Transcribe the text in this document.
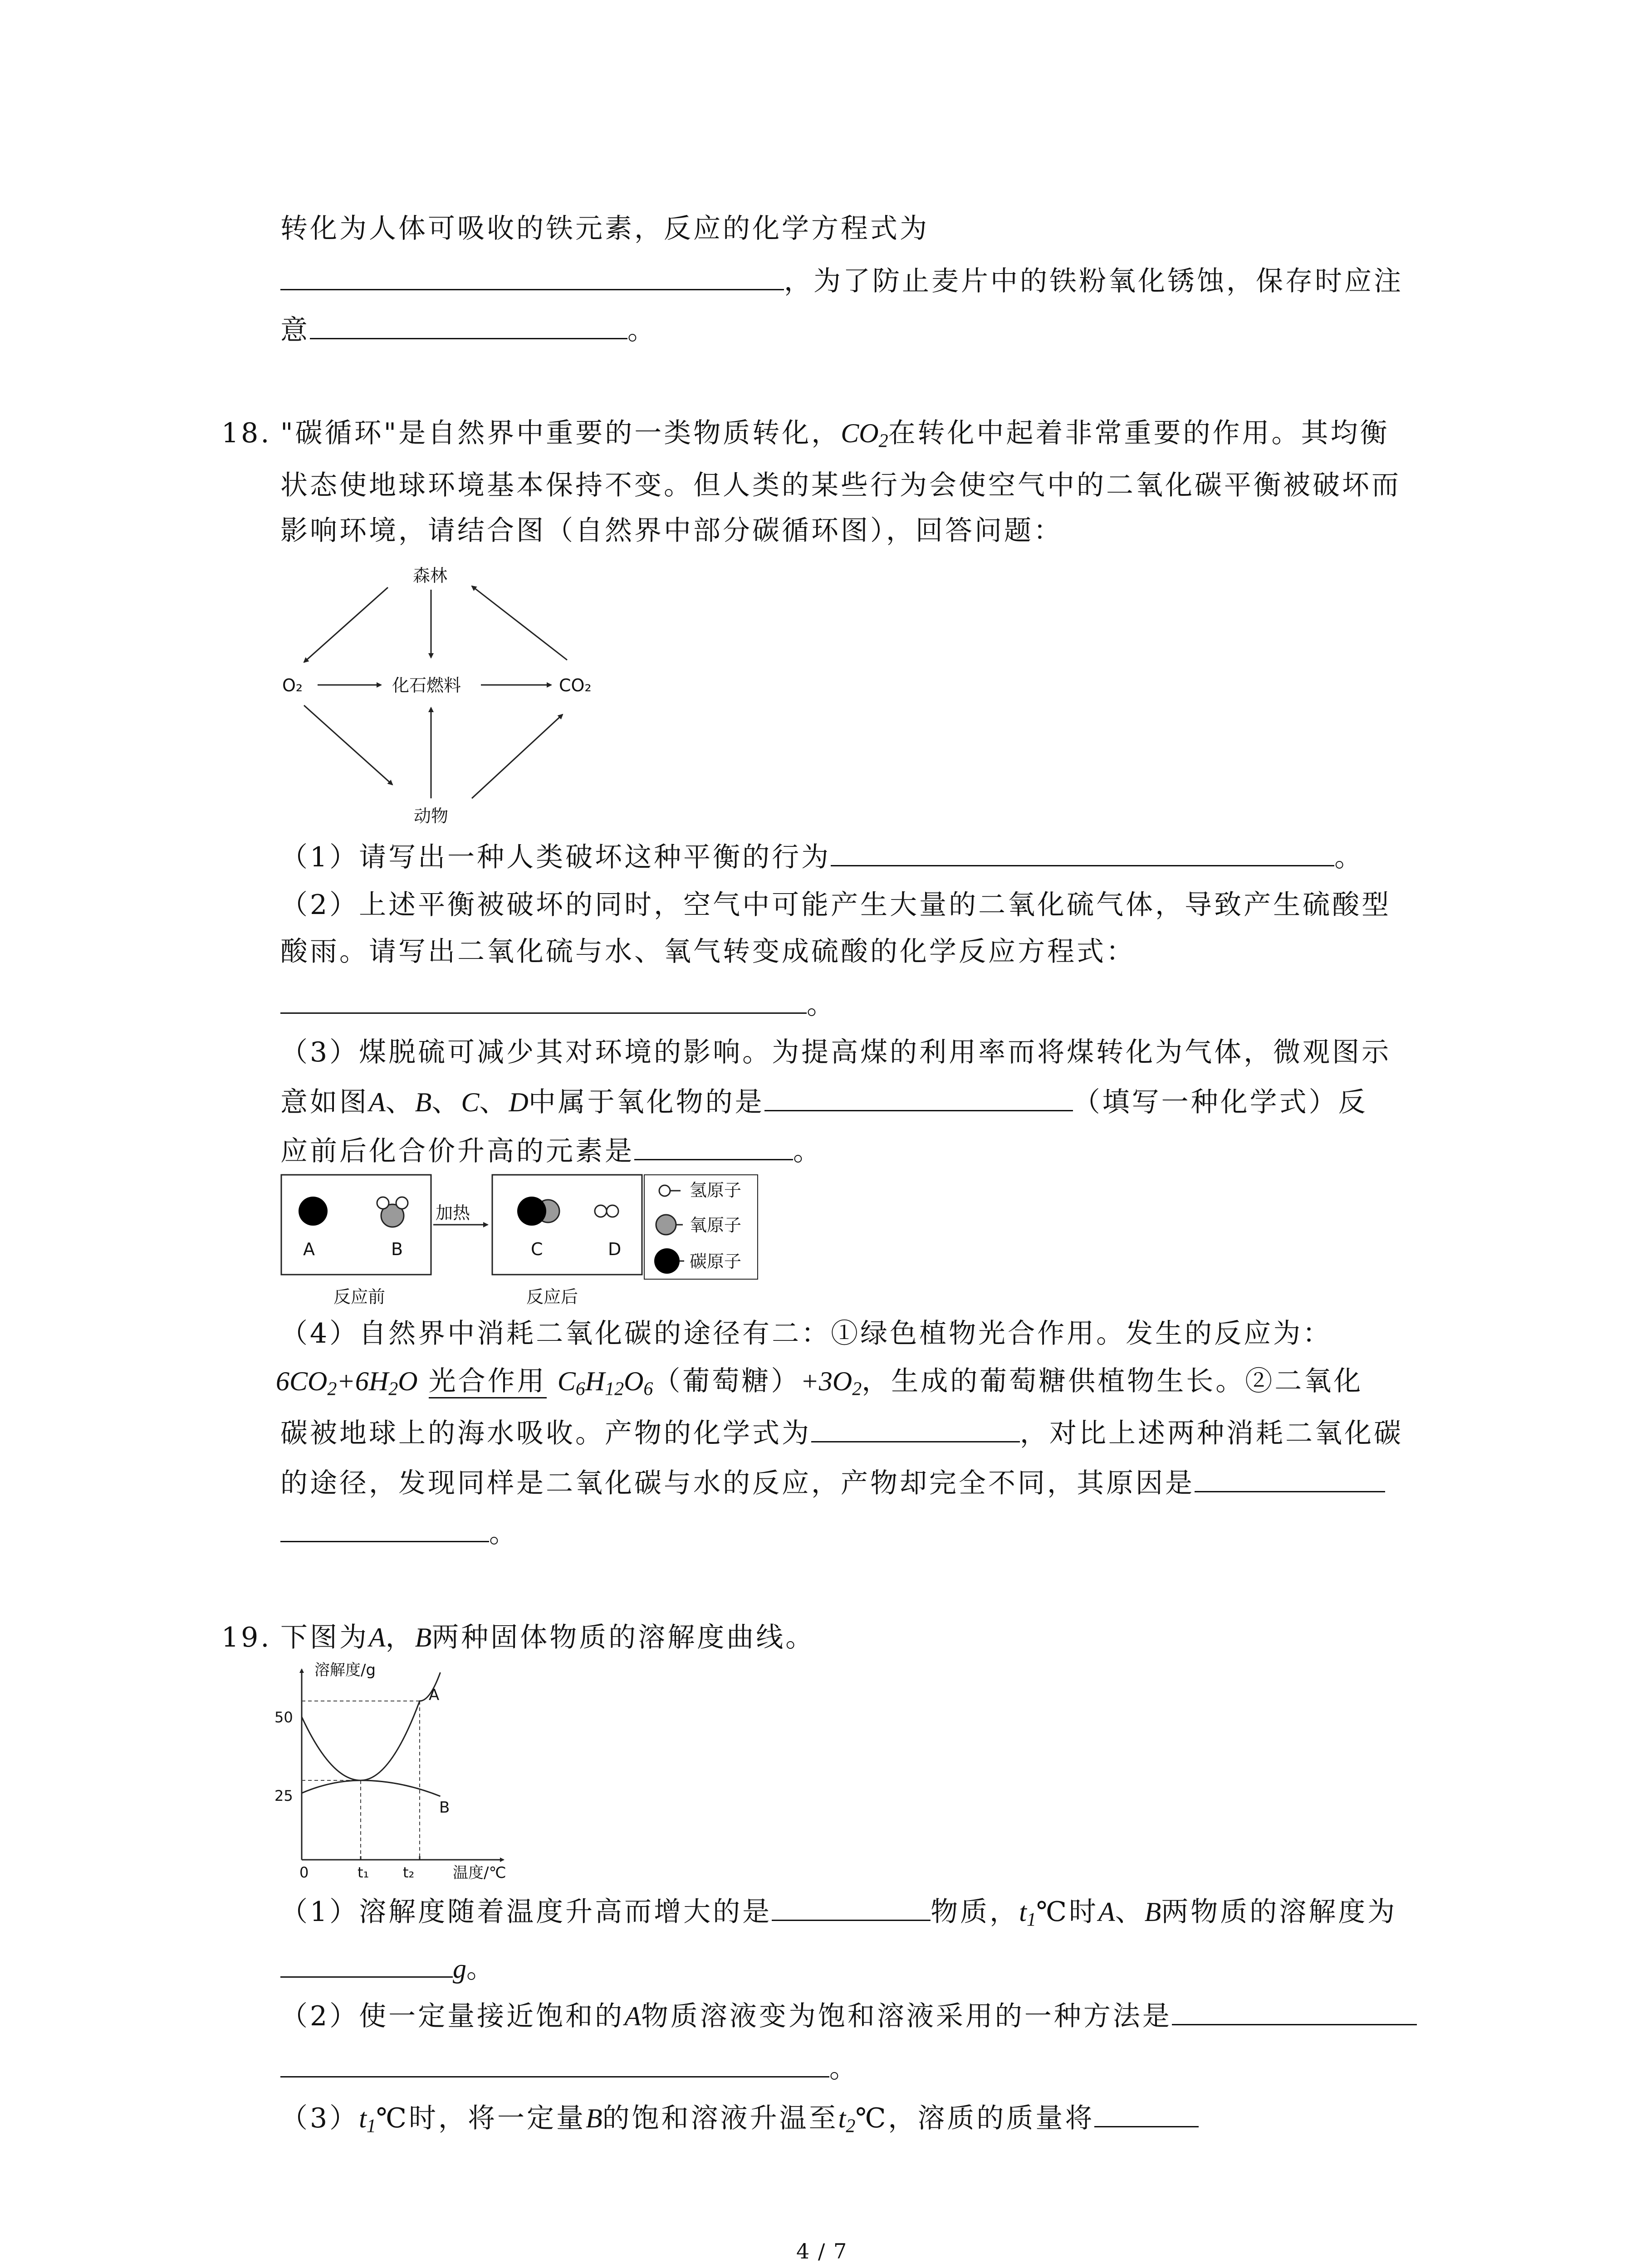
转化为人体可吸收的铁元素，反应的化学方程式为
，为了防止麦片中的铁粉氧化锈蚀，保存时应注
意	。
18. "碳循环"是自然界中重要的一类物质转化，$CO_2$在转化中起着非常重要的作用。其均衡
状态使地球环境基本保持不变。但人类的某些行为会使空气中的二氧化碳平衡被破坏而
影响环境，请结合图（自然界中部分碳循环图），回答问题：
森林
O₂	化石燃料	CO₂
动物
（1）请写出一种人类破坏这种平衡的行为	。
（2）上述平衡被破坏的同时，空气中可能产生大量的二氧化硫气体，导致产生硫酸型
酸雨。请写出二氧化硫与水、氧气转变成硫酸的化学反应方程式：
。
（3）煤脱硫可减少其对环境的影响。为提高煤的利用率而将煤转化为气体，微观图示
意如图A、B、C、D中属于氧化物的是	（填写一种化学式）反
应前后化合价升高的元素是	。
A	B
加热
C	D
反应前	反应后
氢原子
氧原子
碳原子
（4）自然界中消耗二氧化碳的途径有二：①绿色植物光合作用。发生的反应为：
$6CO_2+6H_2O$ 光合作用 $C_6H_{12}O_6$（葡萄糖）$+3O_2$，生成的葡萄糖供植物生长。②二氧化
碳被地球上的海水吸收。产物的化学式为	，对比上述两种消耗二氧化碳
的途径，发现同样是二氧化碳与水的反应，产物却完全不同，其原因是
。
19. 下图为A，B两种固体物质的溶解度曲线。
溶解度/g
温度/℃
25
50
0	t₁ t₂
A
B
（1）溶解度随着温度升高而增大的是	物质，$t_1℃$时A、B两物质的溶解度为
g。
（2）使一定量接近饱和的A物质溶液变为饱和溶液采用的一种方法是
。
$(3)t_1℃$时，将一定量B的饱和溶液升温至$t_2℃$，溶质的质量将
4 / 7
